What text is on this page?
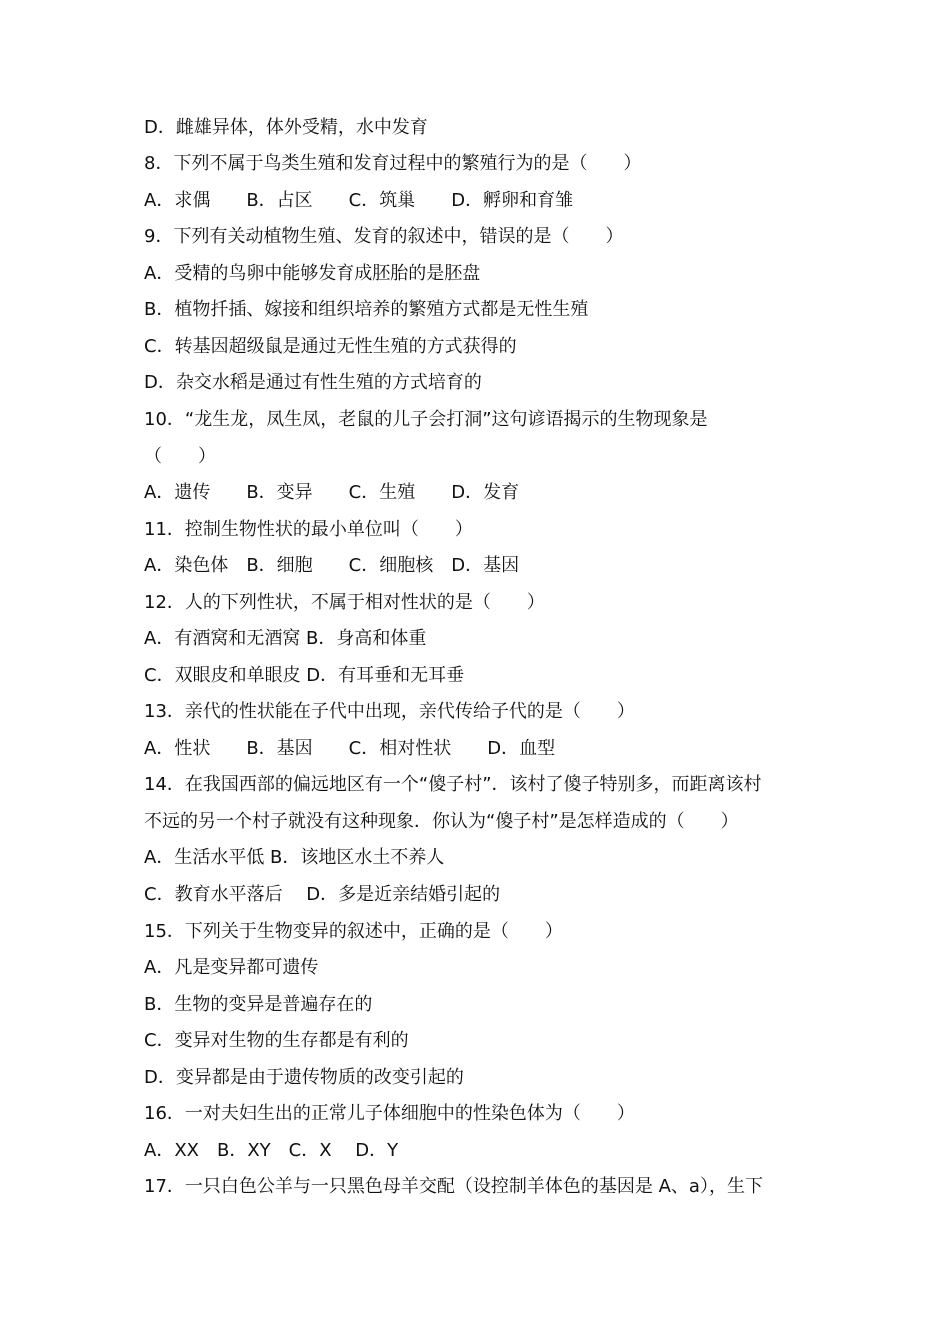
D．雌雄异体，体外受精，水中发育
8．下列不属于鸟类生殖和发育过程中的繁殖行为的是（　　）
A．求偶　　B．占区　　C．筑巢　　D．孵卵和育雏
9．下列有关动植物生殖、发育的叙述中，错误的是（　　）
A．受精的鸟卵中能够发育成胚胎的是胚盘
B．植物扦插、嫁接和组织培养的繁殖方式都是无性生殖
C．转基因超级鼠是通过无性生殖的方式获得的
D．杂交水稻是通过有性生殖的方式培育的
10．“龙生龙，凤生凤，老鼠的儿子会打洞”这句谚语揭示的生物现象是
（　　）
A．遗传　　B．变异　　C．生殖　　D．发育
11．控制生物性状的最小单位叫（　　）
A．染色体　B．细胞　　C．细胞核　D．基因
12．人的下列性状，不属于相对性状的是（　　）
A．有酒窝和无酒窝 B．身高和体重
C．双眼皮和单眼皮 D．有耳垂和无耳垂
13．亲代的性状能在子代中出现，亲代传给子代的是（　　）
A．性状　　B．基因　　C．相对性状　　D．血型
14．在我国西部的偏远地区有一个“傻子村”．该村了傻子特别多，而距离该村
不远的另一个村子就没有这种现象．你认为“傻子村”是怎样造成的（　　）
A．生活水平低 B．该地区水土不养人
C．教育水平落后　 D．多是近亲结婚引起的
15．下列关于生物变异的叙述中，正确的是（　　）
A．凡是变异都可遗传
B．生物的变异是普遍存在的
C．变异对生物的生存都是有利的
D．变异都是由于遗传物质的改变引起的
16．一对夫妇生出的正常儿子体细胞中的性染色体为（　　）
A．XX　B．XY　C．X　 D．Y
17．一只白色公羊与一只黑色母羊交配（设控制羊体色的基因是 A、a），生下
